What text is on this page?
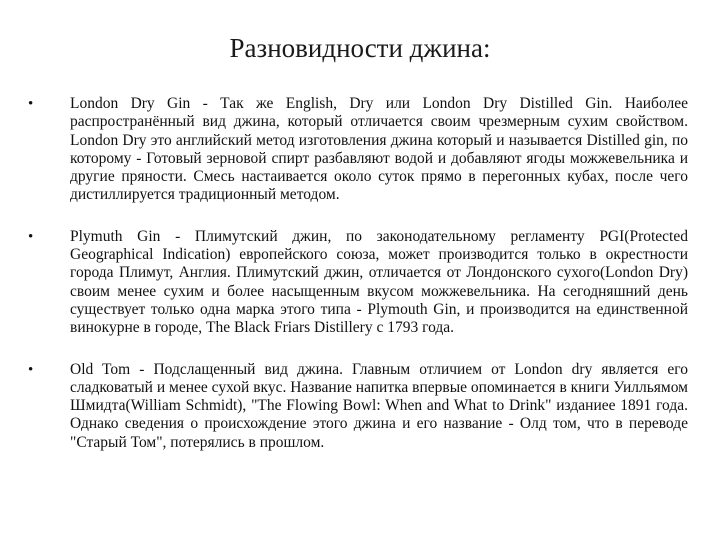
Разновидности джина:
• London Dry Gin - Так же English, Dry или London Dry Distilled Gin. Наиболее распространённый вид джина, который отличается своим чрезмерным сухим свойством. London Dry это английский метод изготовления джина который и называется Distilled gin, по которому - Готовый зерновой спирт разбавляют водой и добавляют ягоды можжевельника и другие пряности. Смесь настаивается около суток прямо в перегонных кубах, после чего дистиллируется традиционный методом.
• Plymuth Gin - Плимутский джин, по законодательному регламенту PGI(Protected Geographical Indication) европейского союза, может производится только в окрестности города Плимут, Англия. Плимутский джин, отличается от Лондонского сухого(London Dry) своим менее сухим и более насыщенным вкусом можжевельника. На сегодняшний день существует только одна марка этого типа - Plymouth Gin, и производится на единственной винокурне в городе, The Black Friars Distillery с 1793 года.
• Old Tom - Подслащенный вид джина. Главным отличием от London dry является его сладковатый и менее сухой вкус. Название напитка впервые опоминается в книги Уилльямом Шмидта(William Schmidt), "The Flowing Bowl: When and What to Drink" изданиее 1891 года. Однако сведения о происхождение этого джина и его название - Олд том, что в переводе "Старый Том", потерялись в прошлом.
